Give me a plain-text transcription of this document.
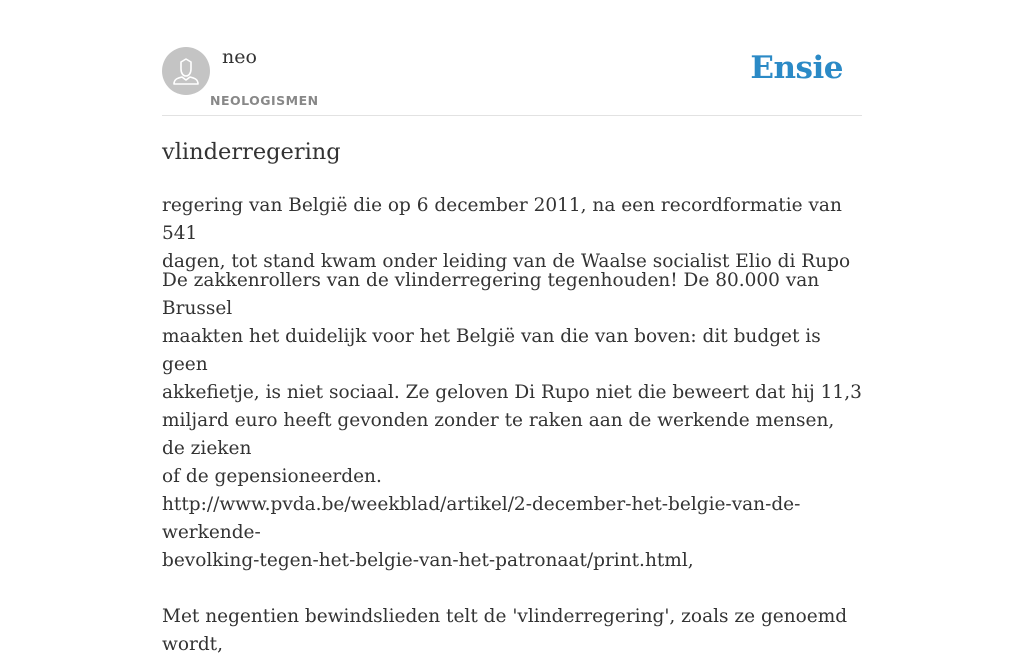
neo
NEOLOGISMEN
Ensie
vlinderregering

regering van België die op 6 december 2011, na een recordformatie van 541
dagen, tot stand kwam onder leiding van de Waalse socialist Elio di Rupo

De zakkenrollers van de vlinderregering tegenhouden! De 80.000 van Brussel
maakten het duidelijk voor het België van die van boven: dit budget is geen
akkefietje, is niet sociaal. Ze geloven Di Rupo niet die beweert dat hij 11,3
miljard euro heeft gevonden zonder te raken aan de werkende mensen, de zieken
of de gepensioneerden.
http://www.pvda.be/weekblad/artikel/2-december-het-belgie-van-de-werkende-
bevolking-tegen-het-belgie-van-het-patronaat/print.html,

Met negentien bewindslieden telt de 'vlinderregering', zoals ze genoemd wordt,
